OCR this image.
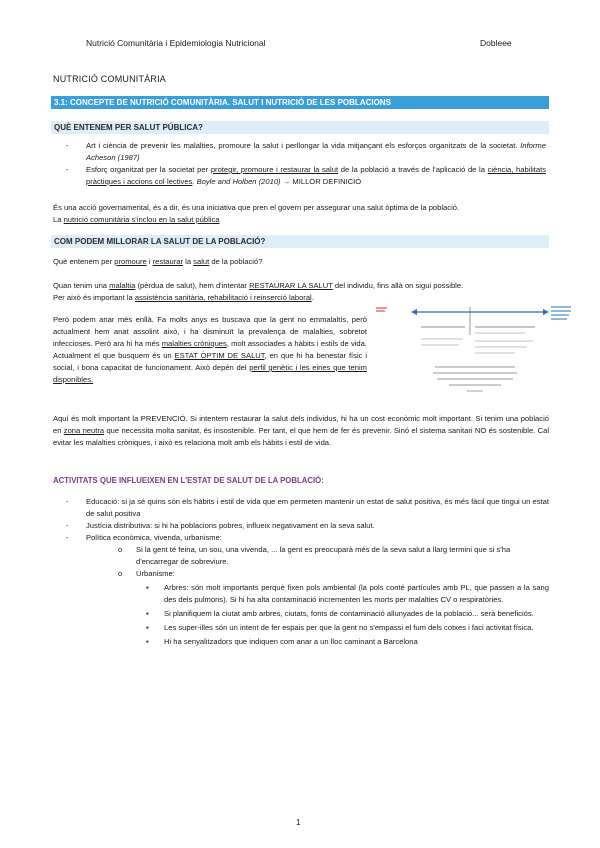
Nutrició Comunitària i Epidemiologia Nutricional	Dobleee
NUTRICIÓ COMUNITÀRIA
3.1: CONCEPTE DE NUTRICIÓ COMUNITÀRIA. SALUT I NUTRICIÓ DE LES POBLACIONS
QUÈ ENTENEM PER SALUT PÚBLICA?
- Art i ciència de prevenir les malalties, promoure la salut i perllongar la vida mitjançant els esforços organitzats de la societat. Informe Acheson (1987)
- Esforç organitzat per la societat per protegir, promoure i restaurar la salut de la població a través de l'aplicació de la ciència, habilitats pràctiques i accions col·lectives. Boyle and Holben (2010) → MILLOR DEFINICIÓ
És una acció governamental, és a dir, és una iniciativa que pren el govern per assegurar una salut òptima de la població.
La nutrició comunitària s'inclou en la salut pública
COM PODEM MILLORAR LA SALUT DE LA POBLACIÓ?
Què entenem per promoure i restaurar la salut de la població?
Quan tenim una malaltia (pèrdua de salut), hem d'intentar RESTAURAR LA SALUT del individu, fins allà on sigui possible.
Per això és important la assistència sanitària, rehabilitació i reinserció laboral.
Però podem anar més enllà. Fa molts anys es buscava que la gent no emmalaltís, però actualment hem anat assolint això, i ha disminuït la prevalença de malalties, sobretot infeccioses. Però ara hi ha més malalties cròniques, molt associades a hàbits i estils de vida. Actualment el que busquem és un ESTAT ÒPTIM DE SALUT, en que hi ha benestar físic i social, i bona capacitat de funcionament. Això depèn del perfil genètic i les eines que tenim disponibles.
Aquí és molt important la PREVENCIÓ. Si intentem restaurar la salut dels individus, hi ha un cost econòmic molt important. Si tenim una població en zona neutra que necessita molta sanitat, és insostenible. Per tant, el que hem de fer és prevenir. Sinó el sistema sanitari NO és sostenible. Cal evitar les malalties cròniques, i això es relaciona molt amb els hàbits i estil de vida.
ACTIVITATS QUE INFLUEIXEN EN L'ESTAT DE SALUT DE LA POBLACIÓ:
- Educació: si ja sé quins són els hàbits i estil de vida que em permeten mantenir un estat de salut positiva, és més fàcil que tingui un estat de salut positiva
- Justícia distributiva: si hi ha poblacions pobres, influeix negativament en la seva salut.
- Política econòmica, vivenda, urbanisme:
o Si la gent té feina, un sou, una vivenda, ... la gent es preocuparà més de la seva salut a llarg termini que si s'ha d'encarregar de sobreviure.
o Urbanisme:
▪ Arbres: són molt importants perquè fixen pols ambiental (la pols conté partícules amb PL, que passen a la sang des dels pulmons). Si hi ha alta contaminació incrementen les morts per malalties CV o respiratòries.
▪ Si planifiquem la ciutat amb arbres, ciutats, fonts de contaminació allunyades de la població... serà beneficiós.
▪ Les super-illes són un intent de fer espais per que la gent no s'empassi el fum dels cotxes i faci activitat física.
▪ Hi ha senyalitzadors que indiquen com anar a un lloc caminant a Barcelona
1
